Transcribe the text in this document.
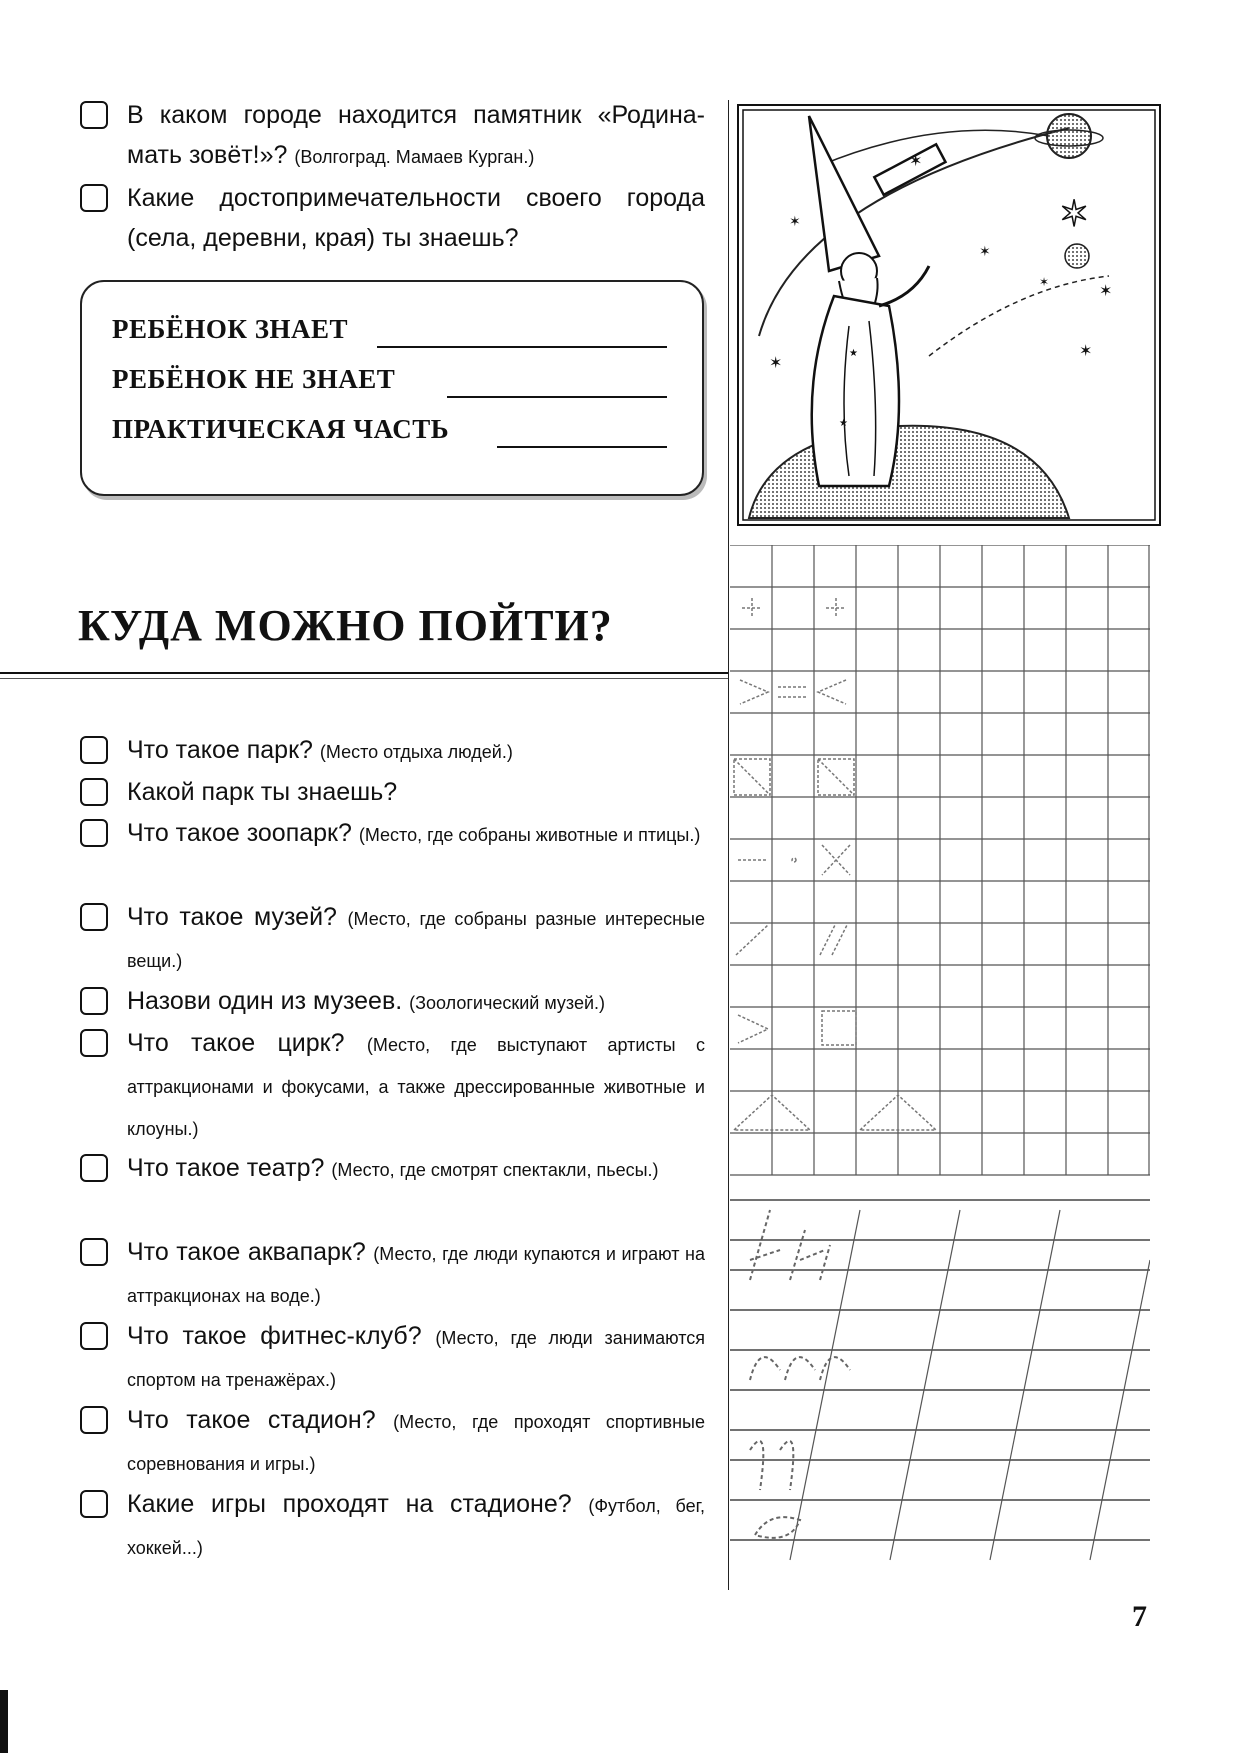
В каком городе находится памятник «Родина-мать зовёт!»? (Волгоград. Мамаев Курган.)
Какие достопримечательности своего города (села, деревни, края) ты знаешь?
РЕБЁНОК ЗНАЕТ
РЕБЁНОК НЕ ЗНАЕТ
ПРАКТИЧЕСКАЯ ЧАСТЬ
КУДА МОЖНО ПОЙТИ?
Что такое парк? (Место отдыха людей.)
Какой парк ты знаешь?
Что такое зоопарк? (Место, где собраны животные и птицы.)
Что такое музей? (Место, где собраны разные интересные вещи.)
Назови один из музеев. (Зоологический музей.)
Что такое цирк? (Место, где выступают артисты с аттракционами и фокусами, а также дрессированные животные и клоуны.)
Что такое театр? (Место, где смотрят спектакли, пьесы.)
Что такое аквапарк? (Место, где люди купаются и играют на аттракционах на воде.)
Что такое фитнес-клуб? (Место, где люди занимаются спортом на тренажёрах.)
Что такое стадион? (Место, где проходят спортивные соревнования и игры.)
Какие игры проходят на стадионе? (Футбол, бег, хоккей...)
✶
✶
✶
✶
✶
✶
✶
✶
★
★
7
